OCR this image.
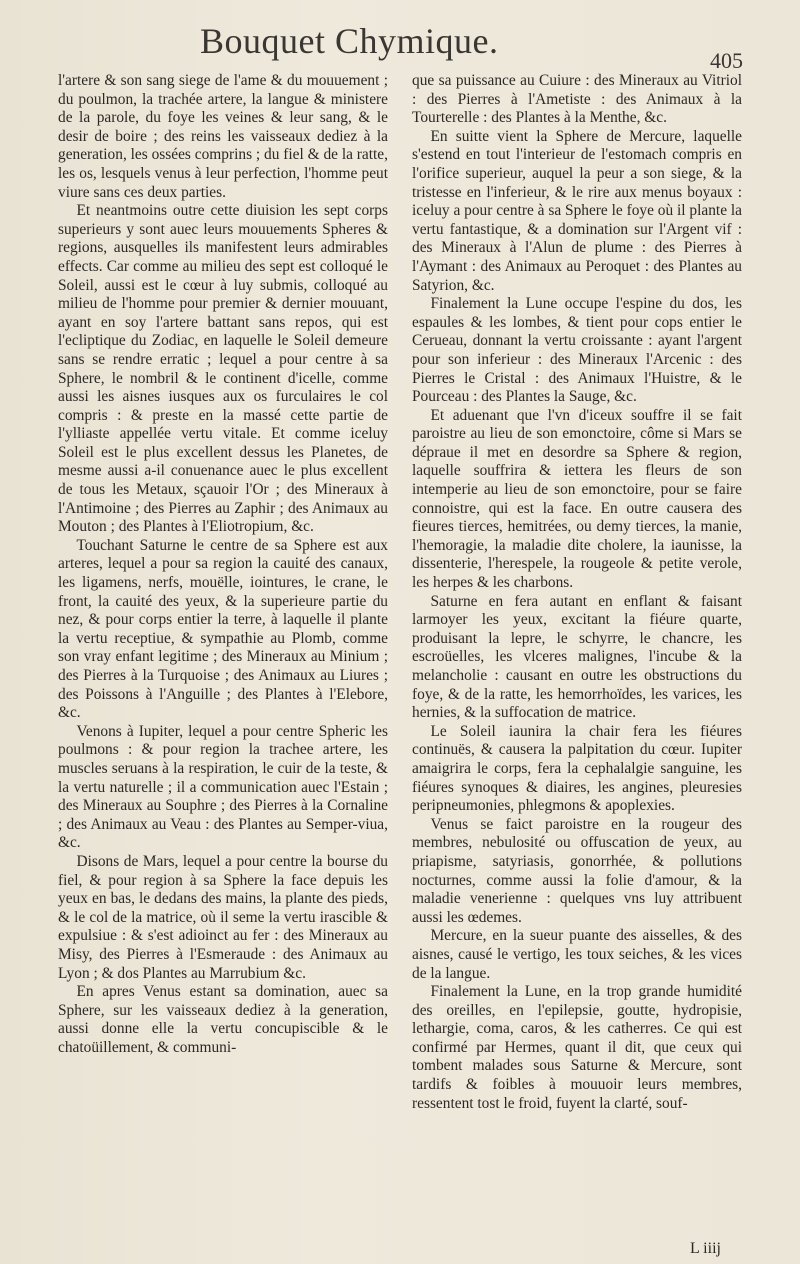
Bouquet Chymique.	405

l'artere & son sang siege de l'ame & du mouuement ; du poulmon, la trachée artere, la langue & ministere de la parole, du foye les veines & leur sang, & le desir de boire ; des reins les vaisseaux dediez à la generation, les ossées comprins ; du fiel & de la ratte, les os, lesquels venus à leur perfection, l'homme peut viure sans ces deux parties.

Et neantmoins outre cette diuision les sept corps superieurs y sont auec leurs mouuements Spheres & regions, ausquelles ils manifestent leurs admirables effects. Car comme au milieu des sept est colloqué le Soleil, aussi est le cœur à luy submis, colloqué au milieu de l'homme pour premier & dernier mouuant, ayant en soy l'artere battant sans repos, qui est l'ecliptique du Zodiac, en laquelle le Soleil demeure sans se rendre erratic ; lequel a pour centre à sa Sphere, le nombril & le continent d'icelle, comme aussi les aisnes iusques aux os furculaires le col compris : & preste en la massé cette partie de l'ylliaste appellée vertu vitale. Et comme iceluy Soleil est le plus excellent dessus les Planetes, de mesme aussi a-il conuenance auec le plus excellent de tous les Metaux, sçauoir l'Or ; des Mineraux à l'Antimoine ; des Pierres au Zaphir ; des Animaux au Mouton ; des Plantes à l'Eliotropium, &c.

Touchant Saturne le centre de sa Sphere est aux arteres, lequel a pour sa region la cauité des canaux, les ligamens, nerfs, mouëlle, iointures, le crane, le front, la cauité des yeux, & la superieure partie du nez, & pour corps entier la terre, à laquelle il plante la vertu receptiue, & sympathie au Plomb, comme son vray enfant legitime ; des Mineraux au Minium ; des Pierres à la Turquoise ; des Animaux au Liures ; des Poissons à l'Anguille ; des Plantes à l'Elebore, &c.

Venons à Iupiter, lequel a pour centre Spheric les poulmons : & pour region la trachee artere, les muscles seruans à la respiration, le cuir de la teste, & la vertu naturelle ; il a communication auec l'Estain ; des Mineraux au Souphre ; des Pierres à la Cornaline ; des Animaux au Veau : des Plantes au Semper-viua, &c.

Disons de Mars, lequel a pour centre la bourse du fiel, & pour region à sa Sphere la face depuis les yeux en bas, le dedans des mains, la plante des pieds, & le col de la matrice, où il seme la vertu irascible & expulsiue : & s'est adioinct au fer : des Mineraux au Misy, des Pierres à l'Esmeraude : des Animaux au Lyon ; & dos Plantes au Marrubium &c.

En apres Venus estant sa domination, auec sa Sphere, sur les vaisseaux dediez à la generation, aussi donne elle la vertu concupiscible & le chatoüillement, & communi-

que sa puissance au Cuiure : des Mineraux au Vitriol : des Pierres à l'Ametiste : des Animaux à la Tourterelle : des Plantes à la Menthe, &c.

En suitte vient la Sphere de Mercure, laquelle s'estend en tout l'interieur de l'estomach compris en l'orifice superieur, auquel la peur a son siege, & la tristesse en l'inferieur, & le rire aux menus boyaux : iceluy a pour centre à sa Sphere le foye où il plante la vertu fantastique, & a domination sur l'Argent vif : des Mineraux à l'Alun de plume : des Pierres à l'Aymant : des Animaux au Peroquet : des Plantes au Satyrion, &c.

Finalement la Lune occupe l'espine du dos, les espaules & les lombes, & tient pour cops entier le Cerueau, donnant la vertu croissante : ayant l'argent pour son inferieur : des Mineraux l'Arcenic : des Pierres le Cristal : des Animaux l'Huistre, & le Pourceau : des Plantes la Sauge, &c.

Et aduenant que l'vn d'iceux souffre il se fait paroistre au lieu de son emonctoire, côme si Mars se dépraue il met en desordre sa Sphere & region, laquelle souffrira & iettera les fleurs de son intemperie au lieu de son emonctoire, pour se faire connoistre, qui est la face. En outre causera des fieures tierces, hemitrées, ou demy tierces, la manie, l'hemoragie, la maladie dite cholere, la iaunisse, la dissenterie, l'herespele, la rougeole & petite verole, les herpes & les charbons.

Saturne en fera autant en enflant & faisant larmoyer les yeux, excitant la fiéure quarte, produisant la lepre, le schyrre, le chancre, les escroüelles, les vlceres malignes, l'incube & la melancholie : causant en outre les obstructions du foye, & de la ratte, les hemorrhoïdes, les varices, les hernies, & la suffocation de matrice.

Le Soleil iaunira la chair fera les fiéures continuës, & causera la palpitation du cœur. Iupiter amaigrira le corps, fera la cephalalgie sanguine, les fiéures synoques & diaires, les angines, pleuresies peripneumonies, phlegmons & apoplexies.

Venus se faict paroistre en la rougeur des membres, nebulosité ou offuscation de yeux, au priapisme, satyriasis, gonorrhée, & pollutions nocturnes, comme aussi la folie d'amour, & la maladie venerienne : quelques vns luy attribuent aussi les œdemes.

Mercure, en la sueur puante des aisselles, & des aisnes, causé le vertigo, les toux seiches, & les vices de la langue.

Finalement la Lune, en la trop grande humidité des oreilles, en l'epilepsie, goutte, hydropisie, lethargie, coma, caros, & les catherres. Ce qui est confirmé par Hermes, quant il dit, que ceux qui tombent malades sous Saturne & Mercure, sont tardifs & foibles à mouuoir leurs membres, ressentent tost le froid, fuyent la clarté, souf-

L iiij
